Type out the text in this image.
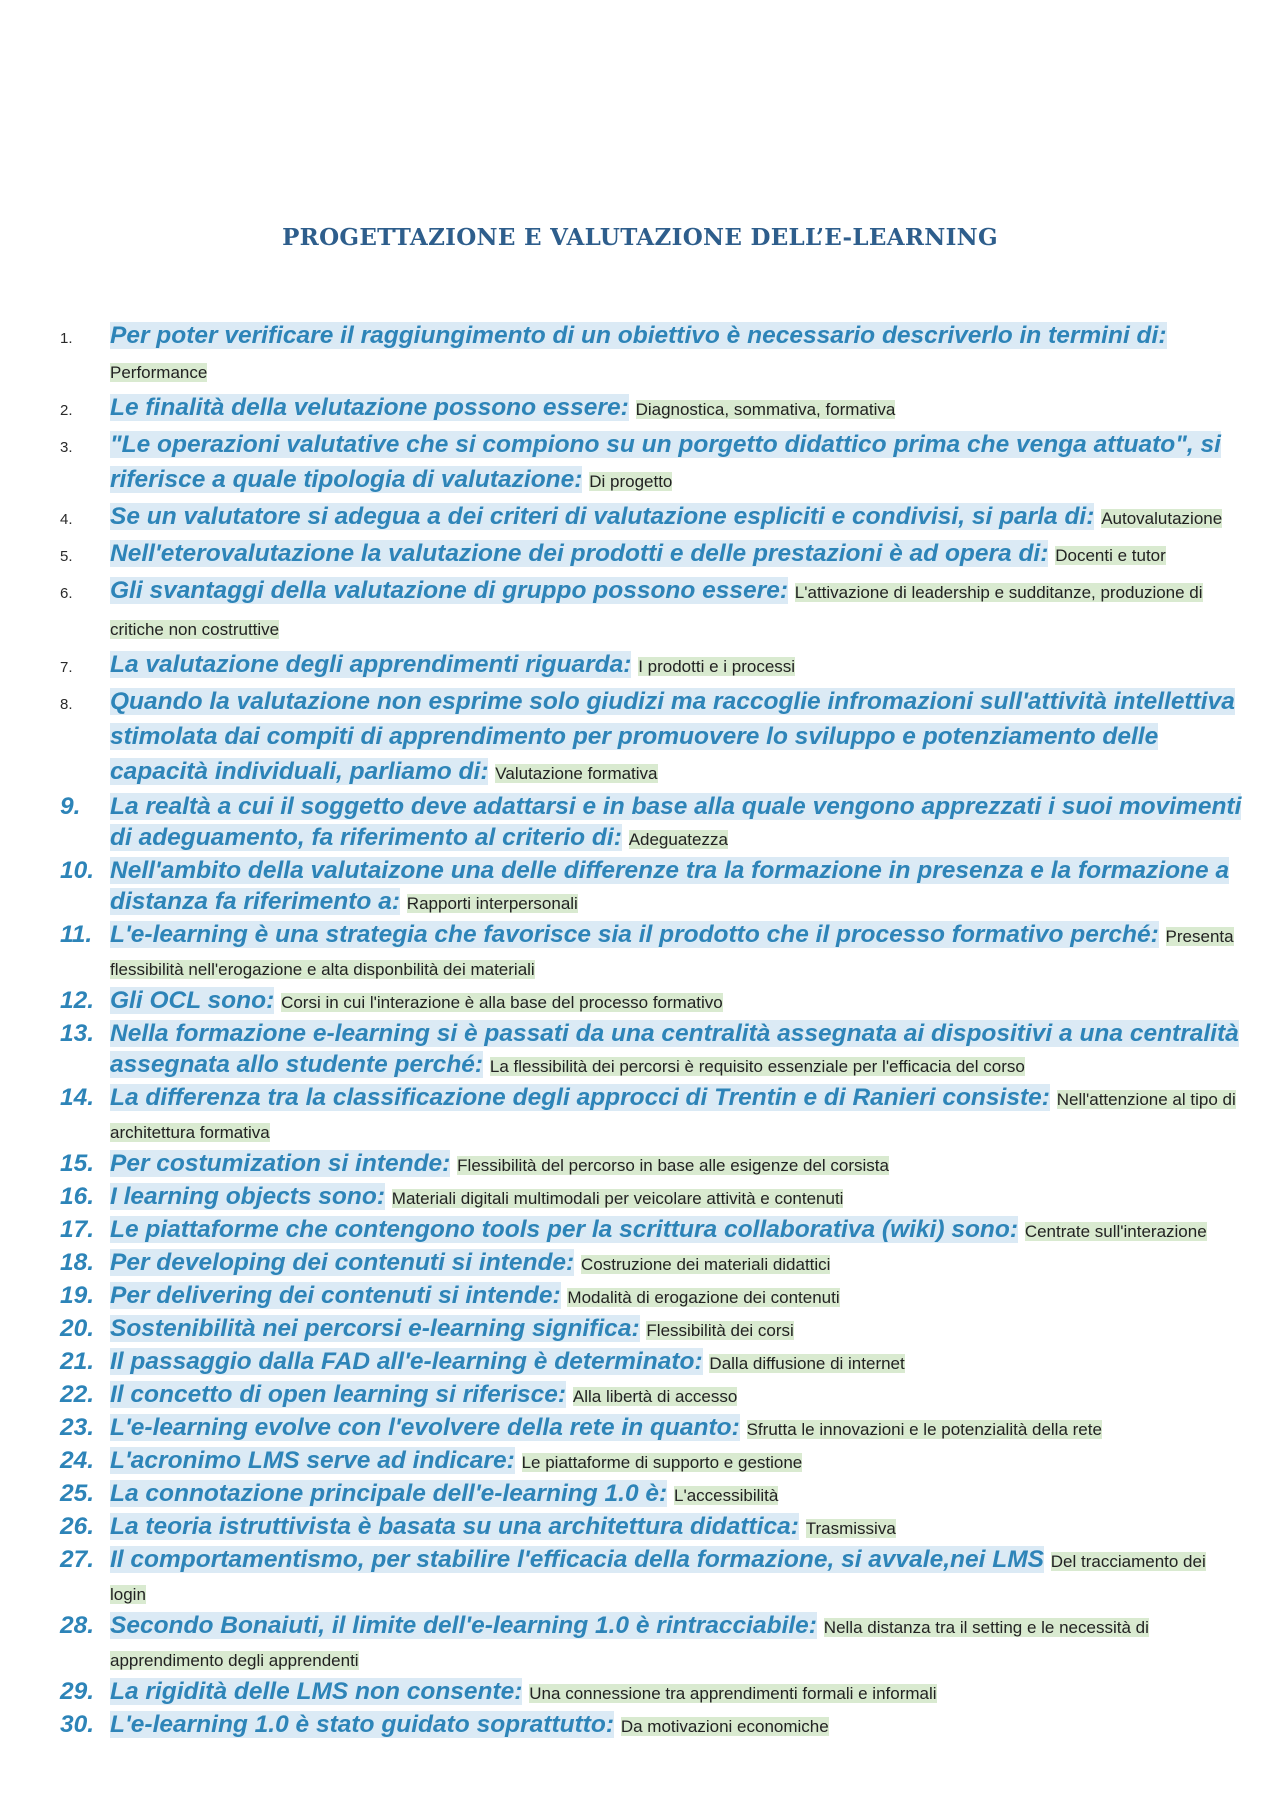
PROGETTAZIONE E VALUTAZIONE DELL’E-LEARNING
1.	Per poter verificare il raggiungimento di un obiettivo è necessario descriverlo in termini di: Performance
2.	Le finalità della velutazione possono essere: Diagnostica, sommativa, formativa
3.	"Le operazioni valutative che si compiono su un porgetto didattico prima che venga attuato", si riferisce a quale tipologia di valutazione: Di progetto
4.	Se un valutatore si adegua a dei criteri di valutazione espliciti e condivisi, si parla di: Autovalutazione
5.	Nell'eterovalutazione la valutazione dei prodotti e delle prestazioni è ad opera di: Docenti e tutor
6.	Gli svantaggi della valutazione di gruppo possono essere: L'attivazione di leadership e sudditanze, produzione di critiche non costruttive
7.	La valutazione degli apprendimenti riguarda: I prodotti e i processi
8.	Quando la valutazione non esprime solo giudizi ma raccoglie infromazioni sull'attività intellettiva stimolata dai compiti di apprendimento per promuovere lo sviluppo e potenziamento delle capacità individuali, parliamo di: Valutazione formativa
9.	La realtà a cui il soggetto deve adattarsi e in base alla quale vengono apprezzati i suoi movimenti di adeguamento, fa riferimento al criterio di: Adeguatezza
10. Nell'ambito della valutaizone una delle differenze tra la formazione in presenza e la formazione a distanza fa riferimento a: Rapporti interpersonali
11. L'e-learning è una strategia che favorisce sia il prodotto che il processo formativo perché: Presenta flessibilità nell'erogazione e alta disponbilità dei materiali
12. Gli OCL sono: Corsi in cui l'interazione è alla base del processo formativo
13. Nella formazione e-learning si è passati da una centralità assegnata ai dispositivi a una centralità assegnata allo studente perché: La flessibilità dei percorsi è requisito essenziale per l'efficacia del corso
14. La differenza tra la classificazione degli approcci di Trentin e di Ranieri consiste: Nell'attenzione al tipo di architettura formativa
15. Per costumization si intende: Flessibilità del percorso in base alle esigenze del corsista
16. I learning objects sono: Materiali digitali multimodali per veicolare attività e contenuti
17. Le piattaforme che contengono tools per la scrittura collaborativa (wiki) sono: Centrate sull'interazione
18. Per developing dei contenuti si intende: Costruzione dei materiali didattici
19. Per delivering dei contenuti si intende: Modalità di erogazione dei contenuti
20. Sostenibilità nei percorsi e-learning significa: Flessibilità dei corsi
21. Il passaggio dalla FAD all'e-learning è determinato: Dalla diffusione di internet
22. Il concetto di open learning si riferisce: Alla libertà di accesso
23. L'e-learning evolve con l'evolvere della rete in quanto: Sfrutta le innovazioni e le potenzialità della rete
24. L'acronimo LMS serve ad indicare: Le piattaforme di supporto e gestione
25. La connotazione principale dell'e-learning 1.0 è: L'accessibilità
26. La teoria istruttivista è basata su una architettura didattica: Trasmissiva
27. Il comportamentismo, per stabilire l'efficacia della formazione, si avvale,nei LMS Del tracciamento dei login
28. Secondo Bonaiuti, il limite dell'e-learning 1.0 è rintracciabile: Nella distanza tra il setting e le necessità di apprendimento degli apprendenti
29. La rigidità delle LMS non consente: Una connessione tra apprendimenti formali e informali
30. L'e-learning 1.0 è stato guidato soprattutto: Da motivazioni economiche
